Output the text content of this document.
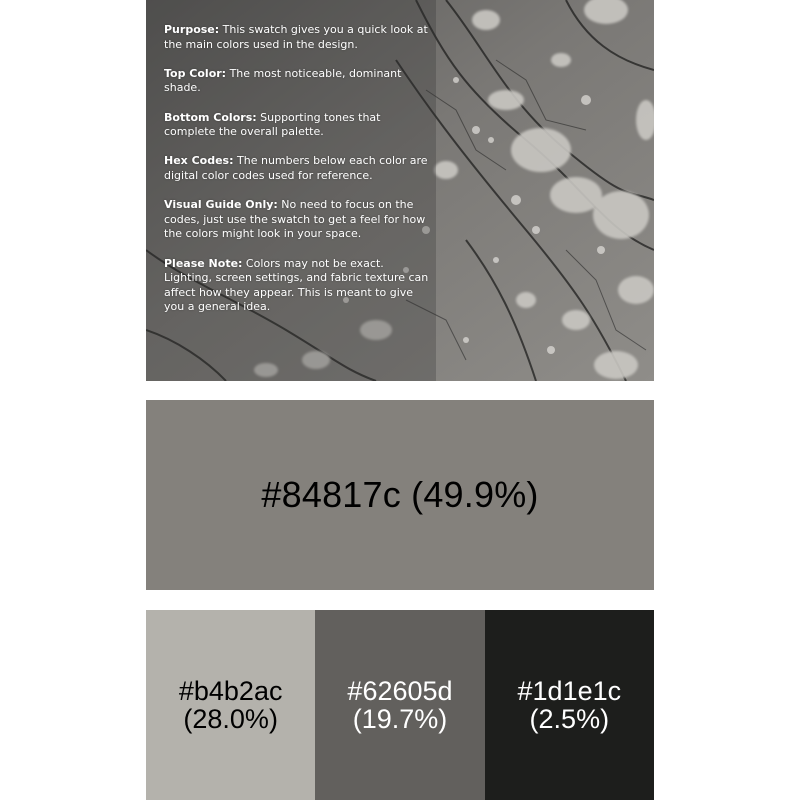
Purpose: This swatch gives you a quick look at the main colors used in the design.

Top Color: The most noticeable, dominant shade.

Bottom Colors: Supporting tones that complete the overall palette.

Hex Codes: The numbers below each color are digital color codes used for reference.

Visual Guide Only: No need to focus on the codes, just use the swatch to get a feel for how the colors might look in your space.

Please Note: Colors may not be exact. Lighting, screen settings, and fabric texture can affect how they appear. This is meant to give you a general idea.

#84817c (49.9%)
#b4b2ac
(28.0%)
#62605d
(19.7%)
#1d1e1c
(2.5%)
